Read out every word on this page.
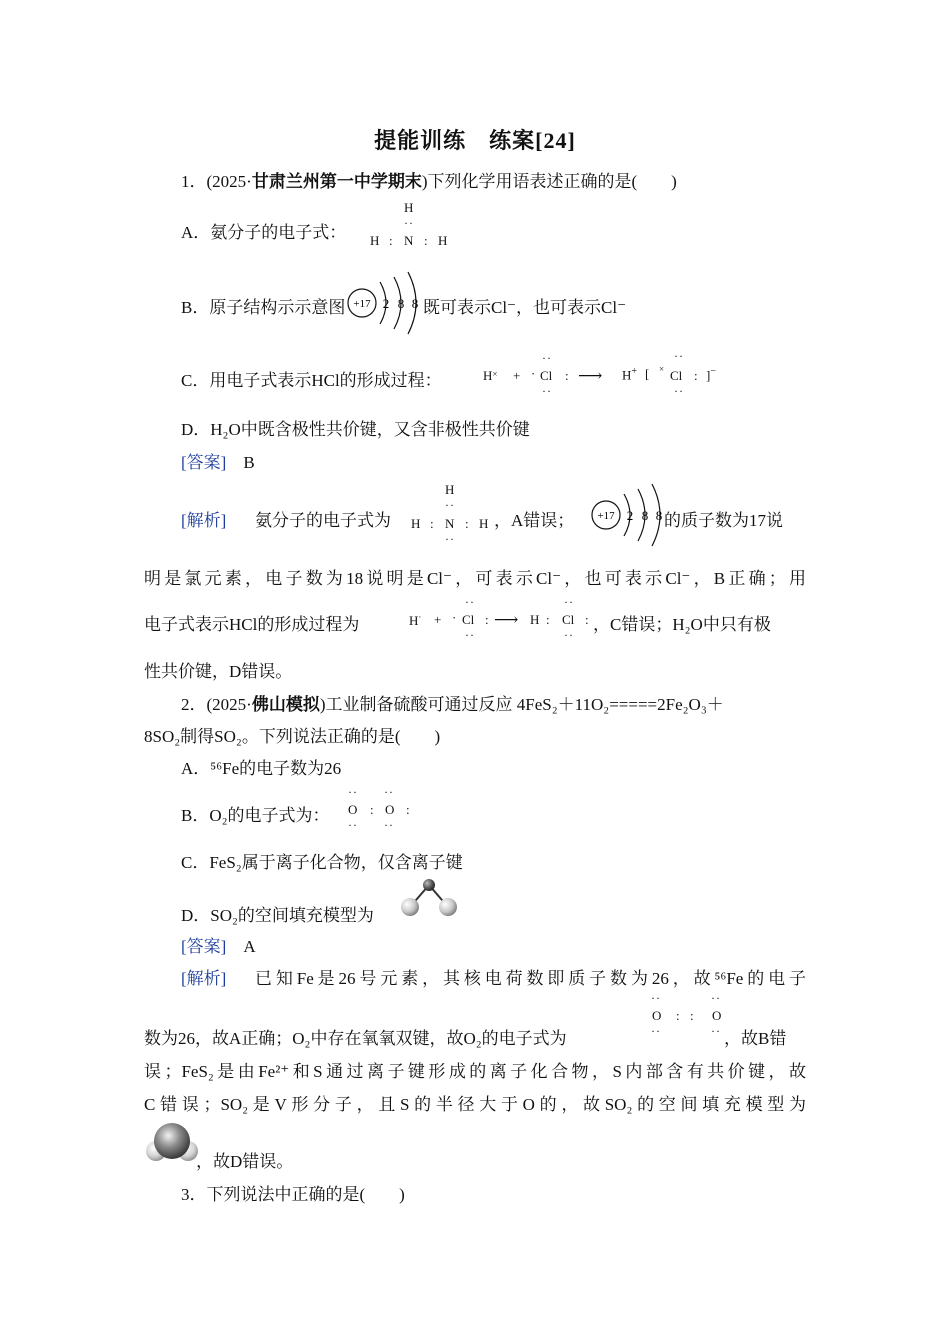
提能训练　练案[24]
1．(2025·甘肃兰州第一中学期末)下列化学用语表述正确的是(　　)
A．氨分子的电子式：
H
··
H : N : H
B．原子结构示示意图 +17 2 8 8 既可表示Cl⁻，也可表示Cl⁻
C．用电子式表示HCl的形成过程：	H× + ·
··
Cl
··
: ⟶ H+ [ ×
··
Cl
··
: ]−
D．H₂O中既含极性共价键，又含非极性共价键
[答案]　 B
[解析] 氨分子的电子式为
H
··
H : N : H
··
，A错误； +17 2 8 8 的质子数为17说
明是氯元素，电子数为18说明是Cl⁻，可表示Cl⁻，也可表示Cl⁻，B正确；用
电子式表示HCl的形成过程为	H· + ·
··
Cl
··
: ⟶ H :
··
Cl
··
: ，C错误；H₂O中只有极
性共价键，D错误。
2．(2025·佛山模拟)工业制备硫酸可通过反应 4FeS₂＋11O₂=====2Fe₂O₃＋
8SO₂制得SO₂。下列说法正确的是(　　)
A．⁵⁶Fe的电子数为26
B．O₂的电子式为：
··
O
··
:
··
O
··
:
C．FeS₂属于离子化合物，仅含离子键
D．SO₂的空间填充模型为
[答案]　 A
[解析] 已知Fe是26号元素，其核电荷数即质子数为26，故⁵⁶Fe的电子
数为26，故A正确；O₂中存在氧氧双键，故O₂的电子式为
··
O
··
: :
··
O
·· ，故B错
误；FeS₂是由Fe²⁺和S通过离子键形成的离子化合物，S内部含有共价键，故
C错误；SO₂是V形分子，且S的半径大于O的，故SO₂的空间填充模型为
，故D错误。
3．下列说法中正确的是(　　)
